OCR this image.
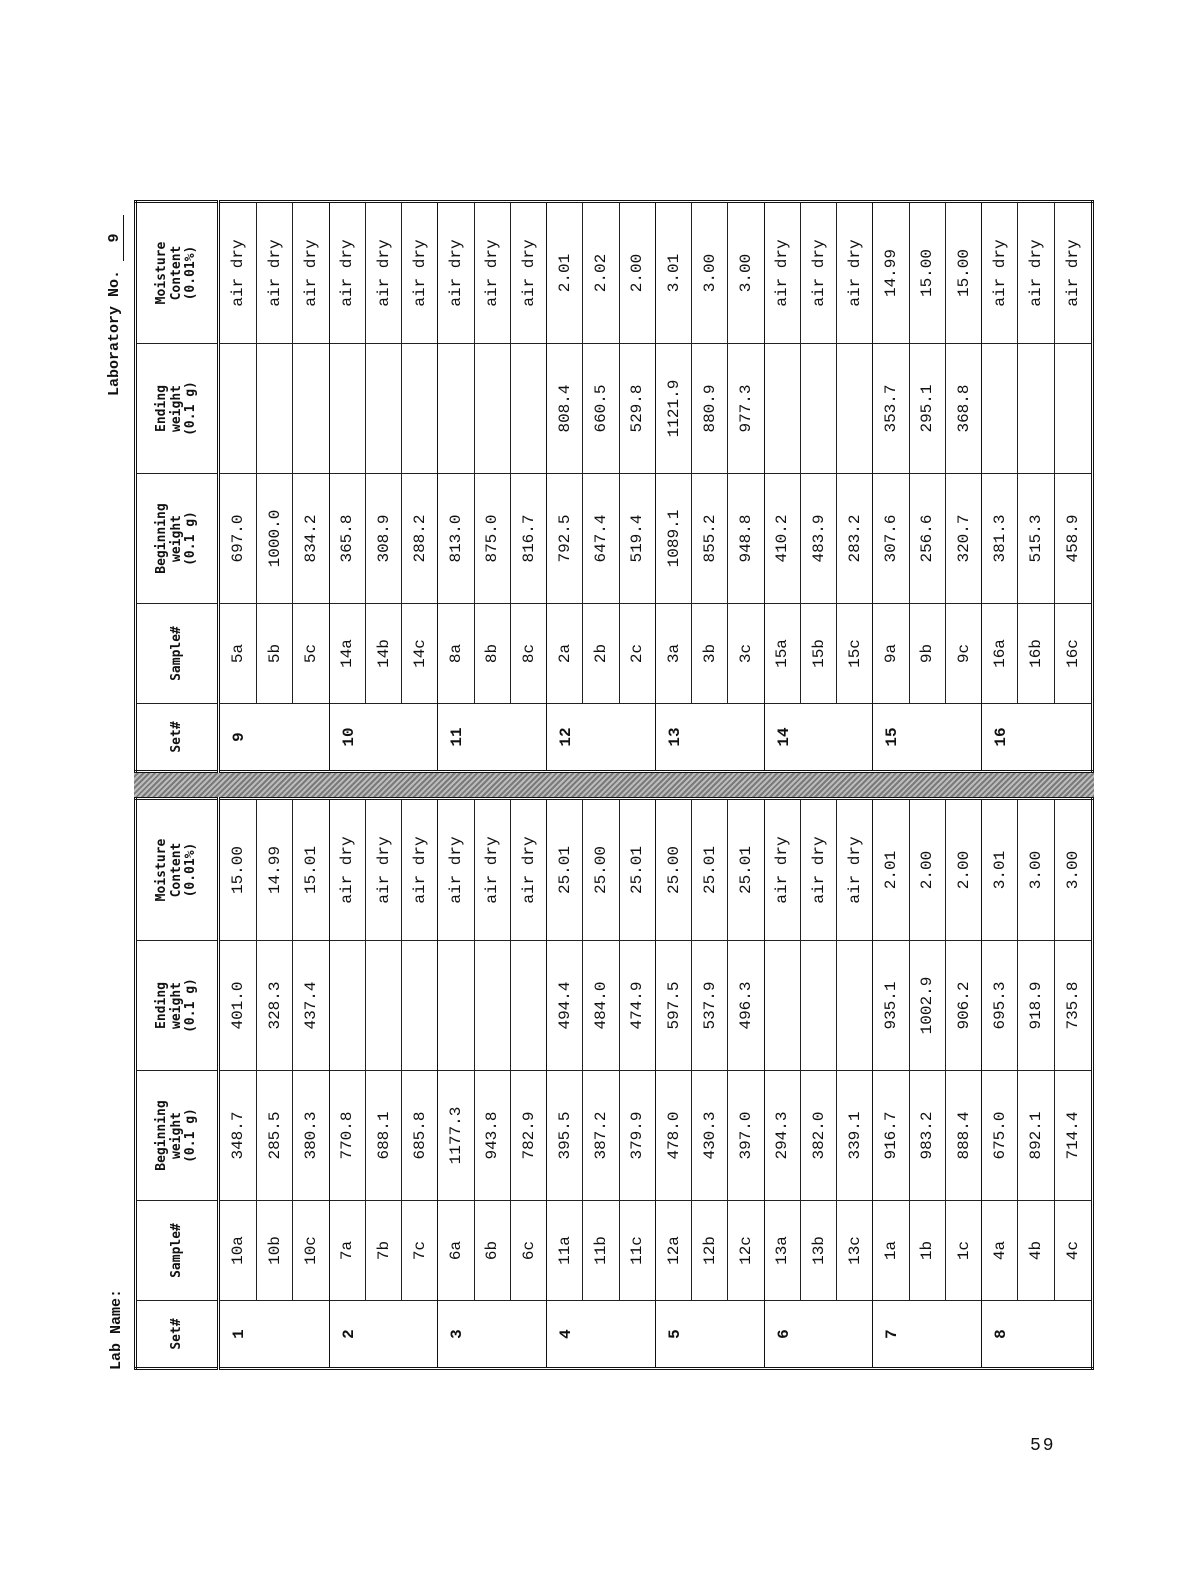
Lab Name:
Laboratory No. 9
Set#	Sample#	Beginning
weight
(0.1 g)	Ending
weight
(0.1 g)	Moisture
Content
(0.01%)
1	10a	348.7	401.0	15.00
	10b	285.5	328.3	14.99
	10c	380.3	437.4	15.01
2	7a	770.8		air dry
	7b	688.1		air dry
	7c	685.8		air dry
3	6a	1177.3		air dry
	6b	943.8		air dry
	6c	782.9		air dry
4	11a	395.5	494.4	25.01
	11b	387.2	484.0	25.00
	11c	379.9	474.9	25.01
5	12a	478.0	597.5	25.00
	12b	430.3	537.9	25.01
	12c	397.0	496.3	25.01
6	13a	294.3		air dry
	13b	382.0		air dry
	13c	339.1		air dry
7	1a	916.7	935.1	2.01
	1b	983.2	1002.9	2.00
	1c	888.4	906.2	2.00
8	4a	675.0	695.3	3.01
	4b	892.1	918.9	3.00
	4c	714.4	735.8	3.00
Set#	Sample#	Beginning
weight
(0.1 g)	Ending
weight
(0.1 g)	Moisture
Content
(0.01%)
9	5a	697.0		air dry
	5b	1000.0		air dry
	5c	834.2		air dry
10	14a	365.8		air dry
	14b	308.9		air dry
	14c	288.2		air dry
11	8a	813.0		air dry
	8b	875.0		air dry
	8c	816.7		air dry
12	2a	792.5	808.4	2.01
	2b	647.4	660.5	2.02
	2c	519.4	529.8	2.00
13	3a	1089.1	1121.9	3.01
	3b	855.2	880.9	3.00
	3c	948.8	977.3	3.00
14	15a	410.2		air dry
	15b	483.9		air dry
	15c	283.2		air dry
15	9a	307.6	353.7	14.99
	9b	256.6	295.1	15.00
	9c	320.7	368.8	15.00
16	16a	381.3		air dry
	16b	515.3		air dry
	16c	458.9		air dry
59
